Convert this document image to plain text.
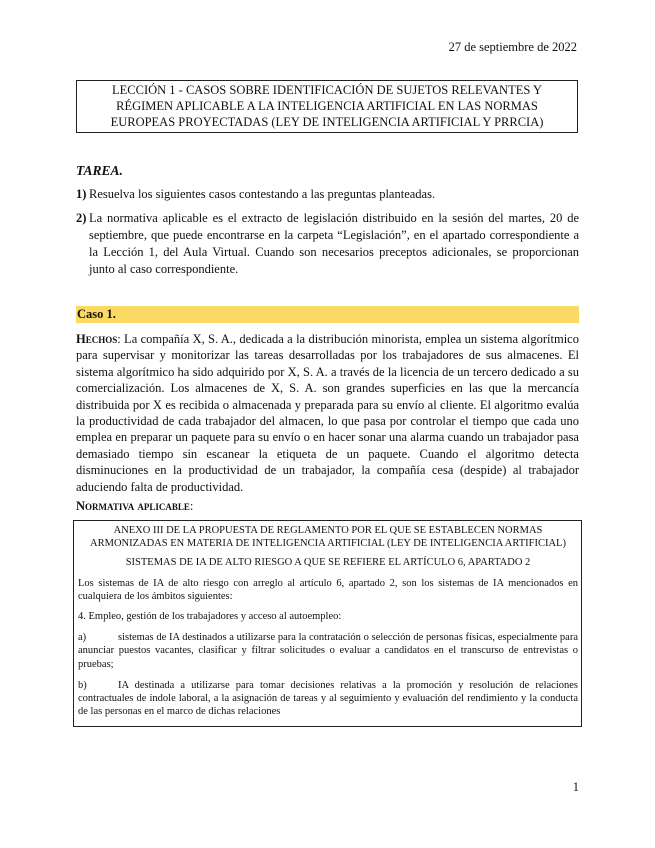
27 de septiembre de 2022
LECCIÓN 1 - CASOS SOBRE IDENTIFICACIÓN DE SUJETOS RELEVANTES Y RÉGIMEN APLICABLE A LA INTELIGENCIA ARTIFICIAL EN LAS NORMAS EUROPEAS PROYECTADAS (LEY DE INTELIGENCIA ARTIFICIAL Y PRRCIA)
TAREA.
1) Resuelva los siguientes casos contestando a las preguntas planteadas.
2) La normativa aplicable es el extracto de legislación distribuido en la sesión del martes, 20 de septiembre, que puede encontrarse en la carpeta “Legislación”, en el apartado correspondiente a la Lección 1, del Aula Virtual. Cuando son necesarios preceptos adicionales, se proporcionan junto al caso correspondiente.
Caso 1.
Hechos: La compañía X, S. A., dedicada a la distribución minorista, emplea un sistema algorítmico para supervisar y monitorizar las tareas desarrolladas por los trabajadores de sus almacenes. El sistema algorítmico ha sido adquirido por X, S. A. a través de la licencia de un tercero dedicado a su comercialización. Los almacenes de X, S. A. son grandes superficies en las que la mercancía distribuida por X es recibida o almacenada y preparada para su envío al cliente. El algoritmo evalúa la productividad de cada trabajador del almacen, lo que pasa por controlar el tiempo que cada uno emplea en preparar un paquete para su envío o en hacer sonar una alarma cuando un trabajador pasa demasiado tiempo sin escanear la etiqueta de un paquete. Cuando el algoritmo detecta disminuciones en la productividad de un trabajador, la compañía cesa (despide) al trabajador aduciendo falta de productividad.
Normativa aplicable:

ANEXO III DE LA PROPUESTA DE REGLAMENTO POR EL QUE SE ESTABLECEN NORMAS ARMONIZADAS EN MATERIA DE INTELIGENCIA ARTIFICIAL (LEY DE INTELIGENCIA ARTIFICIAL)

SISTEMAS DE IA DE ALTO RIESGO A QUE SE REFIERE EL ARTÍCULO 6, APARTADO 2

Los sistemas de IA de alto riesgo con arreglo al artículo 6, apartado 2, son los sistemas de IA mencionados en cualquiera de los ámbitos siguientes:

4. Empleo, gestión de los trabajadores y acceso al autoempleo:

a)	sistemas de IA destinados a utilizarse para la contratación o selección de personas físicas, especialmente para anunciar puestos vacantes, clasificar y filtrar solicitudes o evaluar a candidatos en el transcurso de entrevistas o pruebas;

b)	IA destinada a utilizarse para tomar decisiones relativas a la promoción y resolución de relaciones contractuales de índole laboral, a la asignación de tareas y al seguimiento y evaluación del rendimiento y la conducta de las personas en el marco de dichas relaciones

1
